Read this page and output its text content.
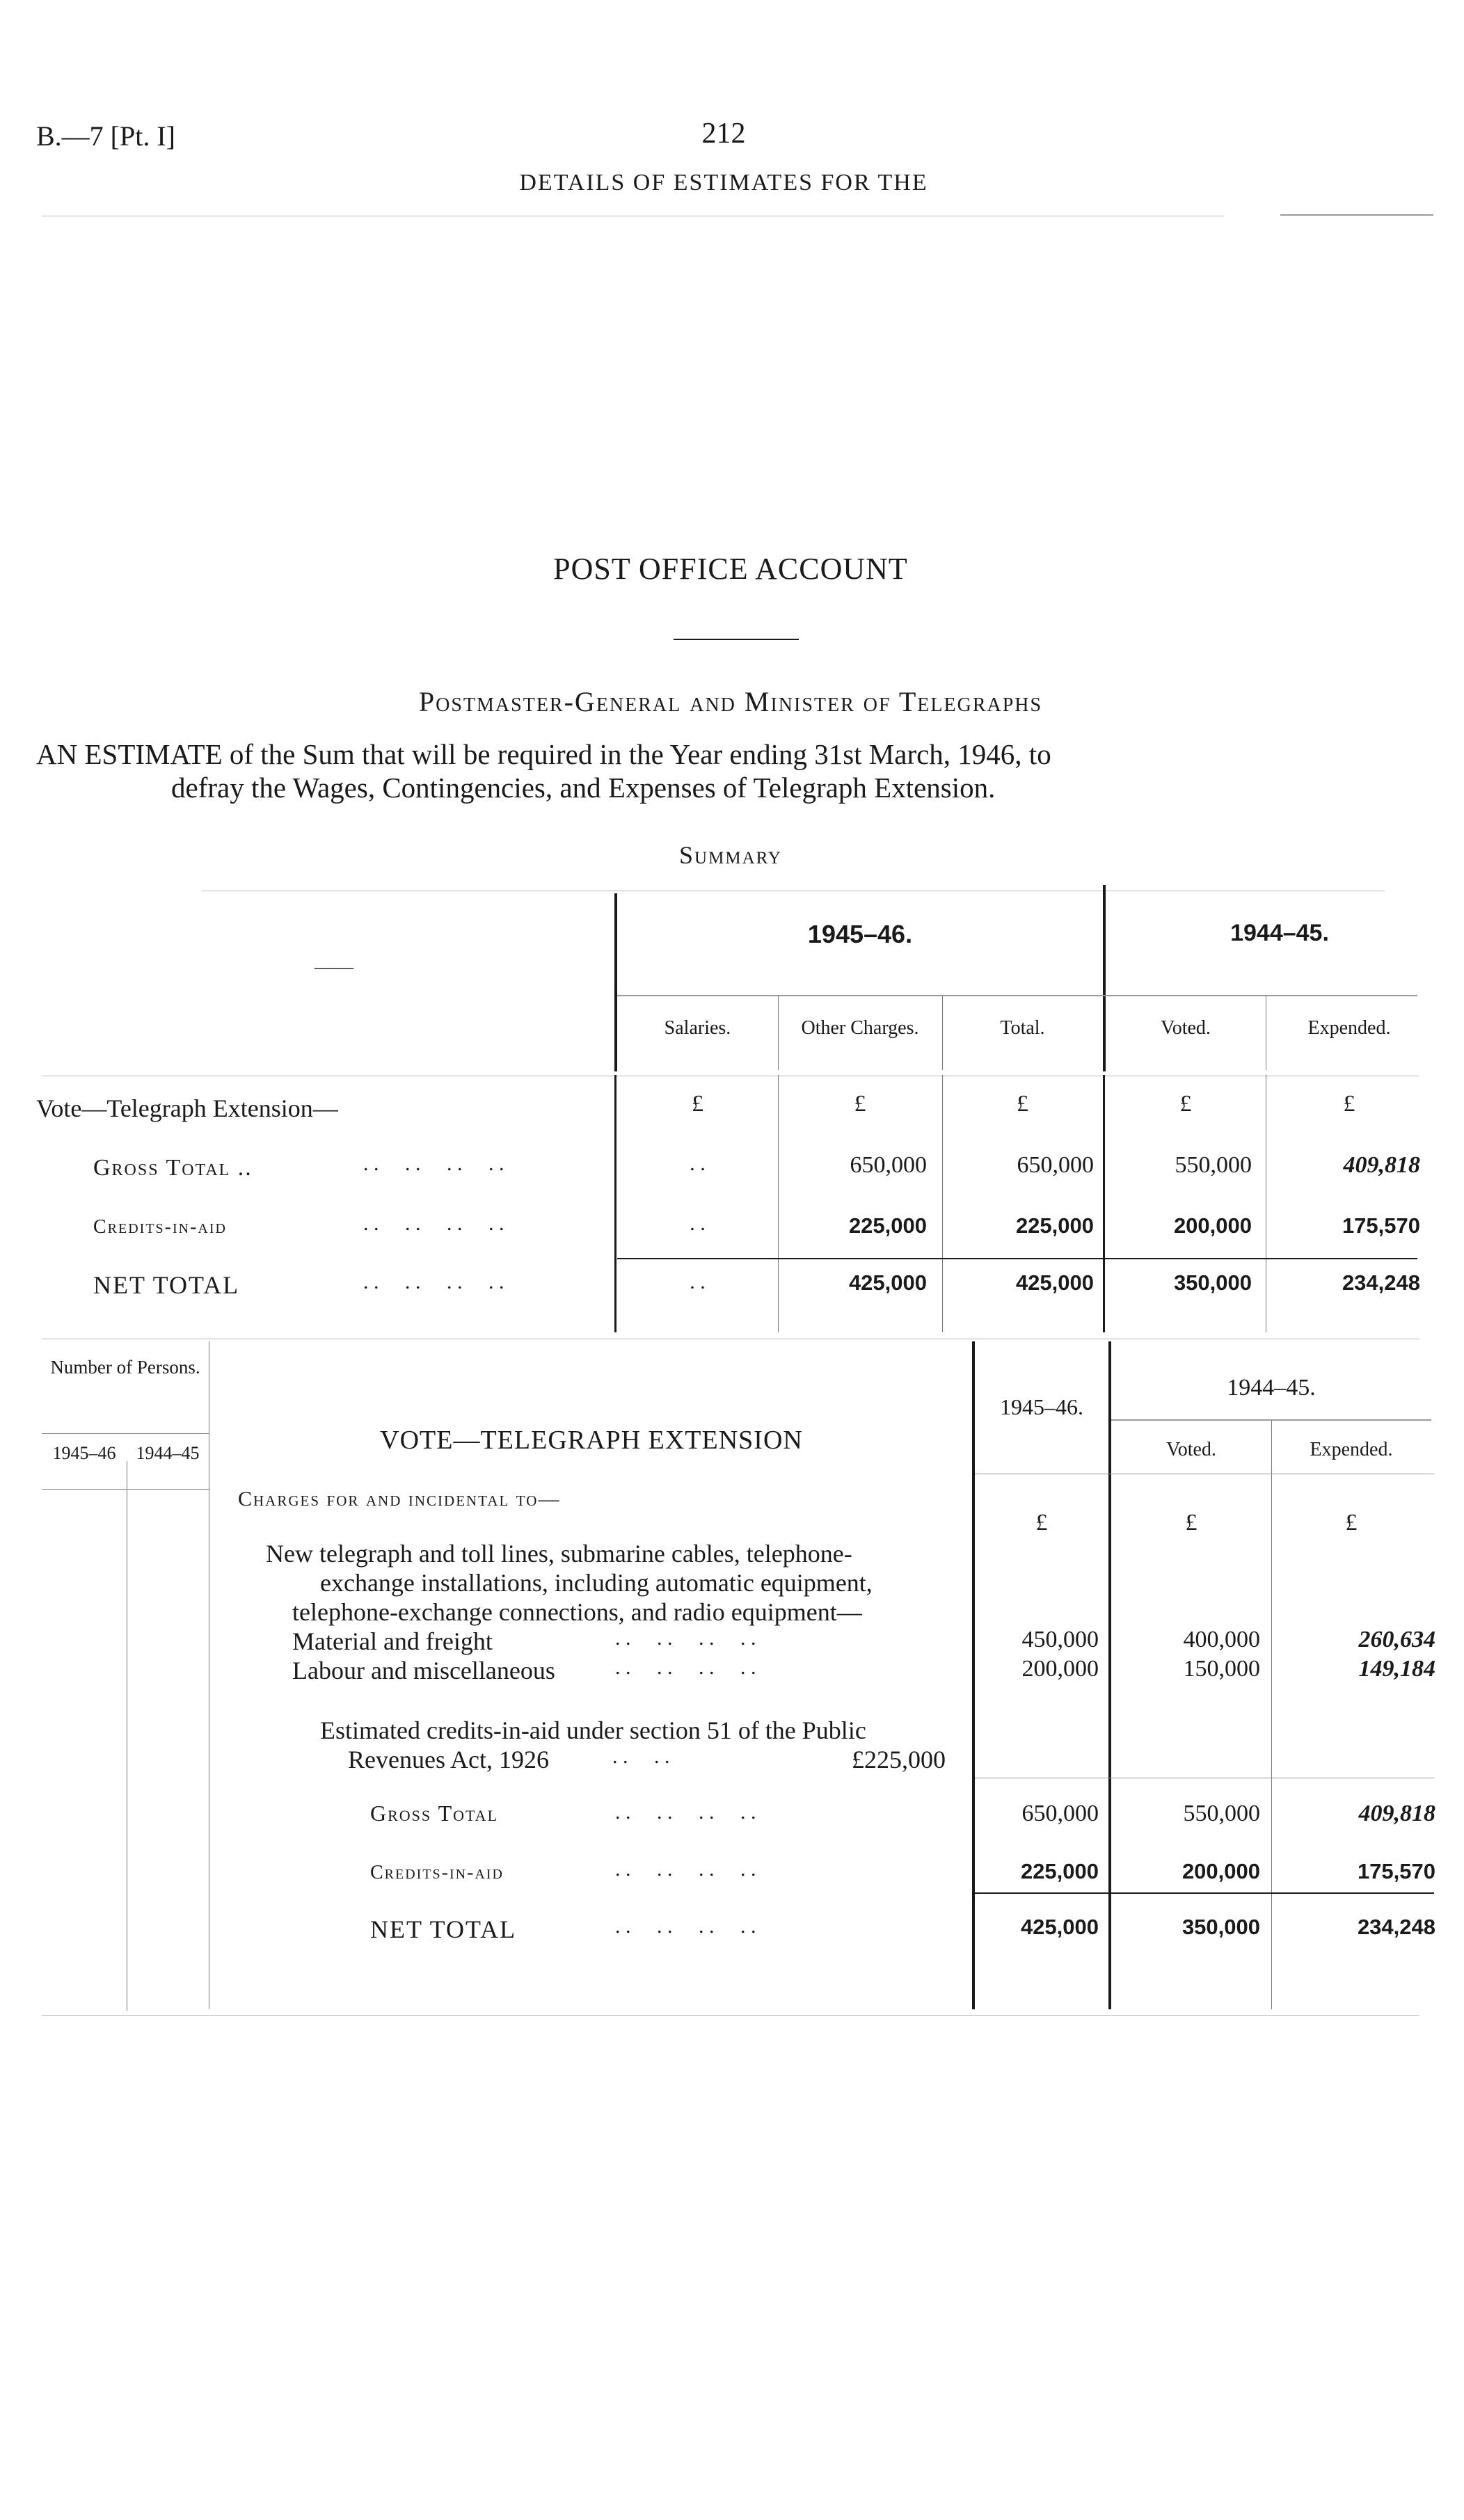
B.—7 [Pt. I]	212
DETAILS OF ESTIMATES FOR THE
POST OFFICE ACCOUNT
Postmaster-General and Minister of Telegraphs
AN ESTIMATE of the Sum that will be required in the Year ending 31st March, 1946, to
defray the Wages, Contingencies, and Expenses of Telegraph Extension.
Summary
——
1945–46.	1944–45.
Salaries.	Other Charges.	Total.	Voted.	Expended.
Vote—Telegraph Extension—	£	£	£	£	£
Gross Total ..	. .     . .     . .     . .	. .	650,000	650,000	550,000	409,818
Credits-in-aid	. .     . .     . .     . .	. .	225,000	225,000	200,000	175,570
NET TOTAL	. .     . .     . .     . .	. .	425,000	425,000	350,000	234,248
Number of Persons.
1945–46	1944–45	VOTE—TELEGRAPH EXTENSION
1945–46.
1944–45.
Voted.	Expended.
Charges for and incidental to—
£	£	£
New telegraph and toll lines, submarine cables, telephone-
exchange installations, including automatic equipment,
telephone-exchange connections, and radio equipment—
Material and freight	. .     . .     . .     . .	450,000	400,000	260,634
Labour and miscellaneous	. .     . .     . .     . .	200,000	150,000	149,184
Estimated credits-in-aid under section 51 of the Public
Revenues Act, 1926	. .     . .	£225,000
Gross Total	. .     . .     . .     . .	650,000	550,000	409,818
Credits-in-aid	. .     . .     . .     . .	225,000	200,000	175,570
NET TOTAL	. .     . .     . .     . .	425,000	350,000	234,248
